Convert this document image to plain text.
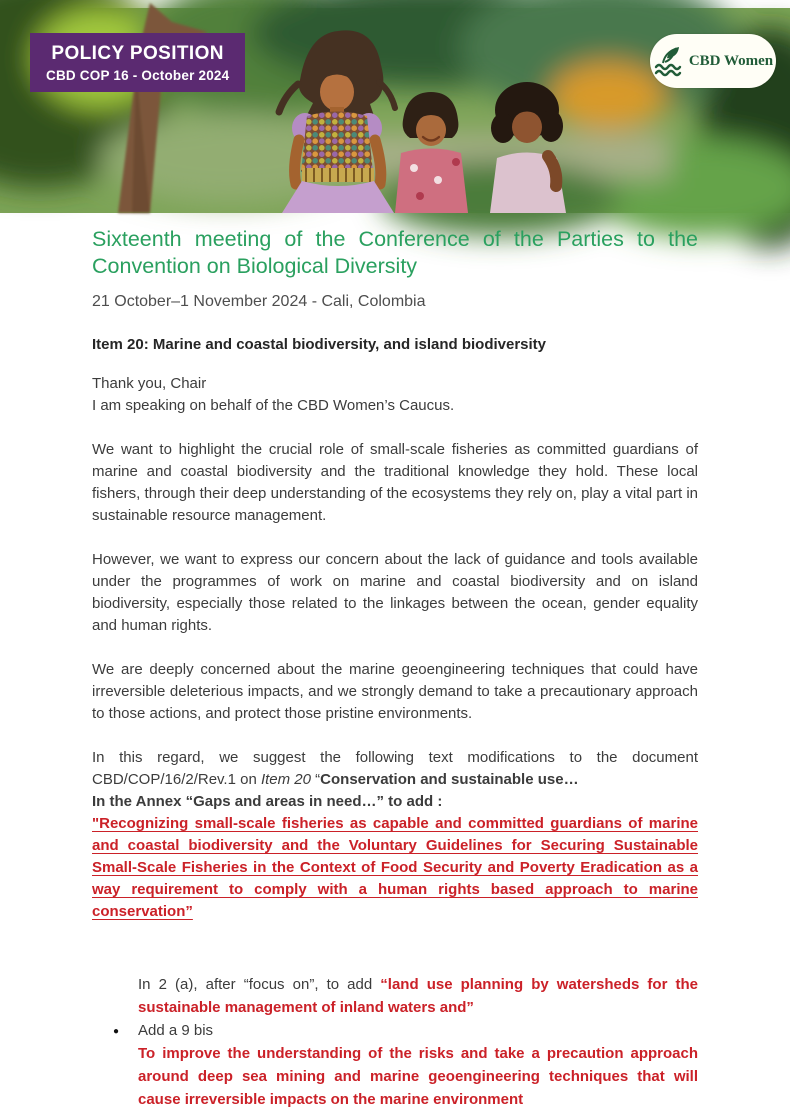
POLICY POSITION
CBD COP 16 - October 2024
CBD Women
Sixteenth meeting of the Conference of the Parties to the Convention on Biological Diversity

21 October–1 November 2024 - Cali, Colombia

Item 20: Marine and coastal biodiversity, and island biodiversity

Thank you, Chair
I am speaking on behalf of the CBD Women’s Caucus.

We want to highlight the crucial role of small-scale fisheries as committed guardians of marine and coastal biodiversity and the traditional knowledge they hold. These local fishers, through their deep understanding of the ecosystems they rely on, play a vital part in sustainable resource management.

However, we want to express our concern about the lack of guidance and tools available under the programmes of work on marine and coastal biodiversity and on island biodiversity, especially those related to the linkages between the ocean, gender equality and human rights.

We are deeply concerned about the marine geoengineering techniques that could have irreversible deleterious impacts, and we strongly demand to take a precautionary approach to those actions, and protect those pristine environments.

In this regard, we suggest the following text modifications to the document CBD/COP/16/2/Rev.1 on Item 20 “Conservation and sustainable use…
In the Annex “Gaps and areas in need…” to add :
"Recognizing small-scale fisheries as capable and committed guardians of marine and coastal biodiversity and the Voluntary Guidelines for Securing Sustainable Small-Scale Fisheries in the Context of Food Security and Poverty Eradication as a way requirement to comply with a human rights based approach to marine conservation”

In 2 (a), after “focus on”, to add “land use planning by watersheds for the sustainable management of inland waters and”

● Add a 9 bis

To improve the understanding of the risks and take a precaution approach around deep sea mining and marine geoengineering techniques that will cause irreversible impacts on the marine environment
